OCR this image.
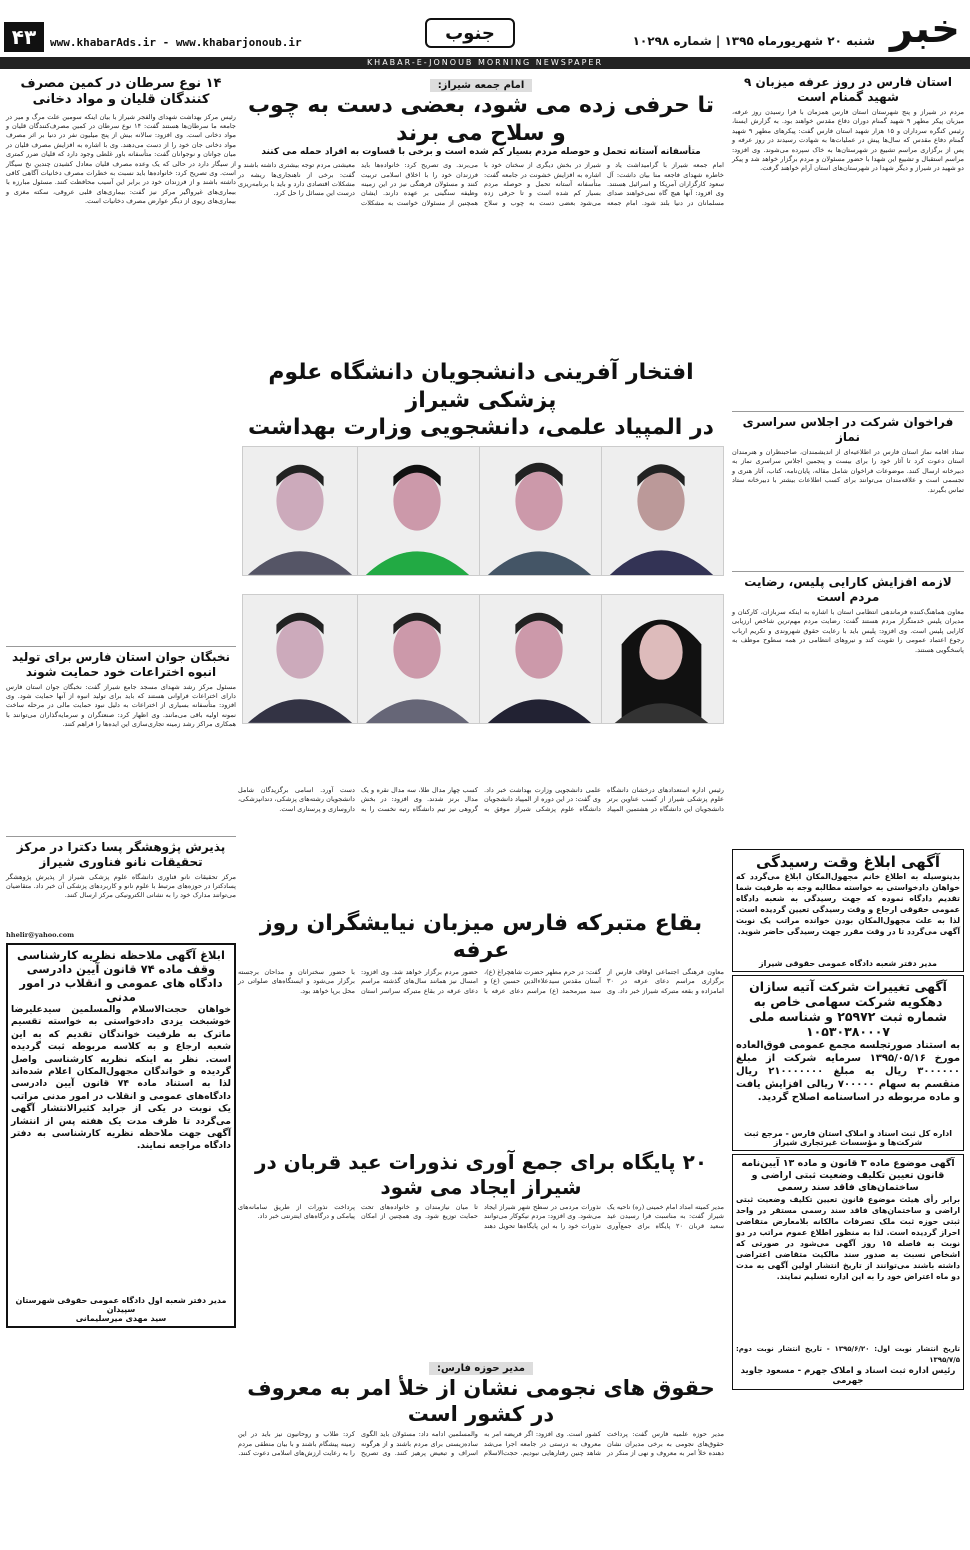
خبر
شنبه ۲۰ شهریورماه ۱۳۹۵ | شماره ۱۰۲۹۸
جنوب
www.khabarAds.ir - www.khabarjonoub.ir
۴۳
KHABAR-E-JONOUB MORNING NEWSPAPER
استان فارس در روز عرفه میزبان ۹ شهید گمنام است
مردم در شیراز و پنج شهرستان استان فارس همزمان با فرا رسیدن روز عرفه، میزبان پیکر مطهر ۹ شهید گمنام دوران دفاع مقدس خواهند بود. به گزارش ایسنا، رئیس کنگره سرداران و ۱۵ هزار شهید استان فارس گفت: پیکرهای مطهر ۹ شهید گمنام دفاع مقدس که سال‌ها پیش در عملیات‌ها به شهادت رسیدند در روز عرفه و پس از برگزاری مراسم تشییع در شهرستان‌ها به خاک سپرده می‌شوند. وی افزود: مراسم استقبال و تشییع این شهدا با حضور مسئولان و مردم برگزار خواهد شد و پیکر دو شهید در شیراز و دیگر شهدا در شهرستان‌های استان آرام خواهند گرفت.
فراخوان شرکت در اجلاس سراسری نماز
ستاد اقامه نماز استان فارس در اطلاعیه‌ای از اندیشمندان، صاحبنظران و هنرمندان استان دعوت کرد تا آثار خود را برای بیست و پنجمین اجلاس سراسری نماز به دبیرخانه ارسال کنند. موضوعات فراخوان شامل مقاله، پایان‌نامه، کتاب، آثار هنری و تجسمی است و علاقه‌مندان می‌توانند برای کسب اطلاعات بیشتر با دبیرخانه ستاد تماس بگیرند.
لازمه افزایش کارایی پلیس، رضایت مردم است
معاون هماهنگ‌کننده فرماندهی انتظامی استان با اشاره به اینکه سربازان، کارکنان و مدیران پلیس خدمتگزار مردم هستند گفت: رضایت مردم مهم‌ترین شاخص ارزیابی کارایی پلیس است. وی افزود: پلیس باید با رعایت حقوق شهروندی و تکریم ارباب رجوع اعتماد عمومی را تقویت کند و نیروهای انتظامی در همه سطوح موظف به پاسخگویی هستند.
آگهی ابلاغ وقت رسیدگی
بدینوسیله به اطلاع خانم مجهول‌المکان ابلاغ می‌گردد که خواهان دادخواستی به خواسته مطالبه وجه به طرفیت شما تقدیم دادگاه نموده که جهت رسیدگی به شعبه دادگاه عمومی حقوقی ارجاع و وقت رسیدگی تعیین گردیده است. لذا به علت مجهول‌المکان بودن خوانده مراتب یک نوبت آگهی می‌گردد تا در وقت مقرر جهت رسیدگی حاضر شوید.
مدیر دفتر شعبه دادگاه عمومی حقوقی شیراز
آگهی تغییرات شرکت آتیه سازان دهکویه شرکت سهامی خاص به شماره ثبت ۲۵۹۷۲ و شناسه ملی ۱۰۵۳۰۳۸۰۰۰۷
به استناد صورتجلسه مجمع عمومی فوق‌العاده مورخ ۱۳۹۵/۰۵/۱۶ سرمایه شرکت از مبلغ ۳۰۰۰۰۰۰ ریال به مبلغ ۲۱۰۰۰۰۰۰۰ ریال منقسم به سهام ۷۰۰۰۰۰ ریالی افزایش یافت و ماده مربوطه در اساسنامه اصلاح گردید.
اداره کل ثبت اسناد و املاک استان فارس - مرجع ثبت شرکت‌ها و مؤسسات غیرتجاری شیراز
آگهی موضوع ماده ۳ قانون و ماده ۱۳ آیین‌نامه قانون تعیین تکلیف وضعیت ثبتی اراضی و ساختمان‌های فاقد سند رسمی
برابر رأی هیئت موضوع قانون تعیین تکلیف وضعیت ثبتی اراضی و ساختمان‌های فاقد سند رسمی مستقر در واحد ثبتی حوزه ثبت ملک تصرفات مالکانه بلامعارض متقاضی احراز گردیده است. لذا به منظور اطلاع عموم مراتب در دو نوبت به فاصله ۱۵ روز آگهی می‌شود در صورتی که اشخاص نسبت به صدور سند مالکیت متقاضی اعتراضی داشته باشند می‌توانند از تاریخ انتشار اولین آگهی به مدت دو ماه اعتراض خود را به این اداره تسلیم نمایند.
تاریخ انتشار نوبت اول: ۱۳۹۵/۶/۲۰ - تاریخ انتشار نوبت دوم: ۱۳۹۵/۷/۵
رئیس اداره ثبت اسناد و املاک جهرم - مسعود جاوید جهرمی
امام جمعه شیراز:
تا حرفی زده می شود، بعضی دست به چوب و سلاح می برند
متأسفانه آستانه تحمل و حوصله مردم بسیار کم شده است و برخی با قساوت به افراد حمله می کنند
امام جمعه شیراز با گرامیداشت یاد و خاطره شهدای فاجعه منا بیان داشت: آل سعود کارگزاران آمریکا و اسرائیل هستند. وی افزود: آنها هیچ گاه نمی‌خواهند صدای مسلمانان در دنیا بلند شود. امام جمعه شیراز در بخش دیگری از سخنان خود با اشاره به افزایش خشونت در جامعه گفت: متأسفانه آستانه تحمل و حوصله مردم بسیار کم شده است و تا حرفی زده می‌شود بعضی دست به چوب و سلاح می‌برند. وی تصریح کرد: خانواده‌ها باید فرزندان خود را با اخلاق اسلامی تربیت کنند و مسئولان فرهنگی نیز در این زمینه وظیفه سنگینی بر عهده دارند. ایشان همچنین از مسئولان خواست به مشکلات معیشتی مردم توجه بیشتری داشته باشند و گفت: برخی از ناهنجاری‌ها ریشه در مشکلات اقتصادی دارد و باید با برنامه‌ریزی درست این مسائل را حل کرد.
افتخار آفرینی دانشجویان دانشگاه علوم پزشکی شیراز
در المپیاد علمی، دانشجویی وزارت بهداشت
رئیس اداره استعدادهای درخشان دانشگاه علوم پزشکی شیراز از کسب عناوین برتر دانشجویان این دانشگاه در هشتمین المپیاد علمی دانشجویی وزارت بهداشت خبر داد. وی گفت: در این دوره از المپیاد دانشجویان دانشگاه علوم پزشکی شیراز موفق به کسب چهار مدال طلا، سه مدال نقره و یک مدال برنز شدند. وی افزود: در بخش گروهی نیز تیم دانشگاه رتبه نخست را به دست آورد. اسامی برگزیدگان شامل دانشجویان رشته‌های پزشکی، دندانپزشکی، داروسازی و پرستاری است.
بقاع متبرکه فارس میزبان نیایشگران روز عرفه
معاون فرهنگی اجتماعی اوقاف فارس از برگزاری مراسم دعای عرفه در ۳۰ امامزاده و بقعه متبرکه شیراز خبر داد. وی گفت: در حرم مطهر حضرت شاهچراغ (ع)، آستان مقدس سیدعلاءالدین حسین (ع) و سید میرمحمد (ع) مراسم دعای عرفه با حضور مردم برگزار خواهد شد. وی افزود: امسال نیز همانند سال‌های گذشته مراسم دعای عرفه در بقاع متبرکه سراسر استان با حضور سخنرانان و مداحان برجسته برگزار می‌شود و ایستگاه‌های صلواتی در محل برپا خواهد بود.
۲۰ پایگاه برای جمع آوری نذورات عید قربان در شیراز ایجاد می شود
مدیر کمیته امداد امام خمینی (ره) ناحیه یک شیراز گفت: به مناسبت فرا رسیدن عید سعید قربان ۲۰ پایگاه برای جمع‌آوری نذورات مردمی در سطح شهر شیراز ایجاد می‌شود. وی افزود: مردم نیکوکار می‌توانند نذورات خود را به این پایگاه‌ها تحویل دهند تا میان نیازمندان و خانواده‌های تحت حمایت توزیع شود. وی همچنین از امکان پرداخت نذورات از طریق سامانه‌های پیامکی و درگاه‌های اینترنتی خبر داد.
مدیر حوزه فارس:
حقوق های نجومی نشان از خلأ امر به معروف در کشور است
مدیر حوزه علمیه فارس گفت: پرداخت حقوق‌های نجومی به برخی مدیران نشان دهنده خلأ امر به معروف و نهی از منکر در کشور است. وی افزود: اگر فریضه امر به معروف به درستی در جامعه اجرا می‌شد شاهد چنین رفتارهایی نبودیم. حجت‌الاسلام والمسلمین ادامه داد: مسئولان باید الگوی ساده‌زیستی برای مردم باشند و از هرگونه اسراف و تبعیض پرهیز کنند. وی تصریح کرد: طلاب و روحانیون نیز باید در این زمینه پیشگام باشند و با بیان منطقی مردم را به رعایت ارزش‌های اسلامی دعوت کنند.
۱۴ نوع سرطان در کمین مصرف کنندگان قلیان و مواد دخانی
رئیس مرکز بهداشت شهدای والفجر شیراز با بیان اینکه سومین علت مرگ و میر در جامعه ما سرطان‌ها هستند گفت: ۱۴ نوع سرطان در کمین مصرف‌کنندگان قلیان و مواد دخانی است. وی افزود: سالانه بیش از پنج میلیون نفر در دنیا بر اثر مصرف مواد دخانی جان خود را از دست می‌دهند. وی با اشاره به افزایش مصرف قلیان در میان جوانان و نوجوانان گفت: متأسفانه باور غلطی وجود دارد که قلیان ضرر کمتری از سیگار دارد در حالی که یک وعده مصرف قلیان معادل کشیدن چندین نخ سیگار است. وی تصریح کرد: خانواده‌ها باید نسبت به خطرات مصرف دخانیات آگاهی کافی داشته باشند و از فرزندان خود در برابر این آسیب محافظت کنند. مسئول مبارزه با بیماری‌های غیرواگیر مرکز نیز گفت: بیماری‌های قلبی عروقی، سکته مغزی و بیماری‌های ریوی از دیگر عوارض مصرف دخانیات است.
نخبگان جوان استان فارس برای تولید انبوه اختراعات خود حمایت شوند
مسئول مرکز رشد شهدای مسجد جامع شیراز گفت: نخبگان جوان استان فارس دارای اختراعات فراوانی هستند که باید برای تولید انبوه از آنها حمایت شود. وی افزود: متأسفانه بسیاری از اختراعات به دلیل نبود حمایت مالی در مرحله ساخت نمونه اولیه باقی می‌مانند. وی اظهار کرد: صنعتگران و سرمایه‌گذاران می‌توانند با همکاری مراکز رشد زمینه تجاری‌سازی این ایده‌ها را فراهم کنند.
پذیرش پژوهشگر پسا دکترا در مرکز تحقیقات نانو فناوری شیراز
مرکز تحقیقات نانو فناوری دانشگاه علوم پزشکی شیراز از پذیرش پژوهشگر پسادکترا در حوزه‌های مرتبط با علوم نانو و کاربردهای پزشکی آن خبر داد. متقاضیان می‌توانند مدارک خود را به نشانی الکترونیکی مرکز ارسال کنند.
hhelir@yahoo.com
ابلاغ آگهی ملاحظه نظریه کارشناسی وقف ماده ۷۴ قانون آیین دادرسی دادگاه های عمومی و انقلاب در امور مدنی
خواهان حجت‌الاسلام والمسلمین سیدعلیرضا خوشبخت‌ یزدی دادخواستی به خواسته تقسیم ماترک به طرفیت خواندگان تقدیم که به این شعبه ارجاع و به کلاسه مربوطه ثبت گردیده است. نظر به اینکه نظریه کارشناسی واصل گردیده و خواندگان مجهول‌المکان اعلام شده‌اند لذا به استناد ماده ۷۴ قانون آیین دادرسی دادگاه‌های عمومی و انقلاب در امور مدنی مراتب یک نوبت در یکی از جراید کثیرالانتشار آگهی می‌گردد تا ظرف مدت یک هفته پس از انتشار آگهی جهت ملاحظه نظریه کارشناسی به دفتر دادگاه مراجعه نمایند.
مدیر دفتر شعبه اول دادگاه عمومی حقوقی شهرستان سپیدان
سید مهدی میرسلیمانی
